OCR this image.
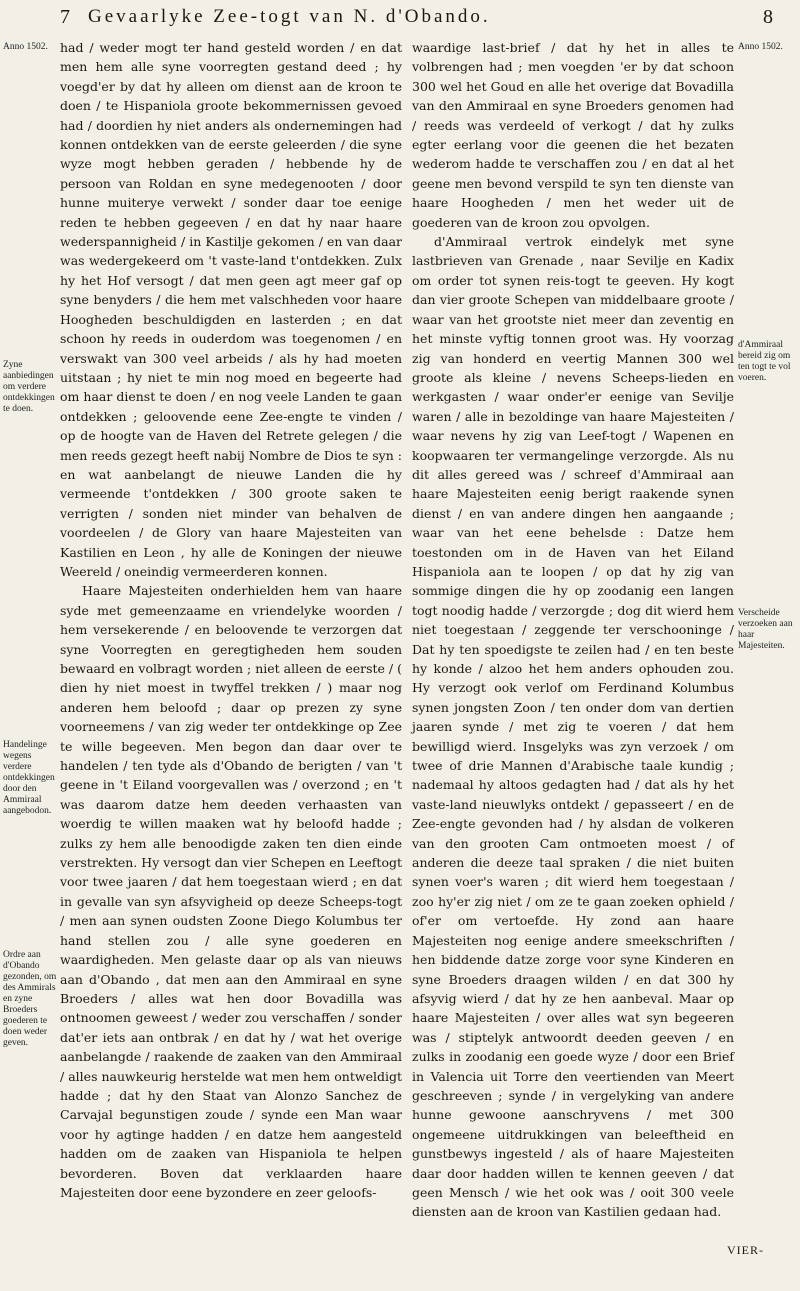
7 Gevaarlyke Zee-togt van N. d'Obando.	8

had / weder mogt ter hand gesteld worden / en dat men hem alle syne voorregten gestand deed ; hy voegd'er by dat hy alleen om dienst aan de kroon te doen / te Hispaniola groote bekommernissen gevoed had / doordien hy niet anders als ondernemingen had konnen ontdekken van de eerste geleerden / die syne wyze mogt hebben geraden / hebbende hy de persoon van Roldan en syne medegenooten / door hunne muiterye verwekt / sonder daar toe eenige reden te hebben gegeeven / en dat hy naar haare wederspannigheid / in Kastilje gekomen / en van daar was wedergekeerd om 't vaste-land t'ontdekken. Zulx hy het Hof versogt / dat men geen agt meer gaf op syne benyders / die hem met valschheden voor haare Hoogheden beschuldigden en lasterden ; en dat schoon hy reeds in ouderdom was toegenomen / en verswakt van 300 veel arbeids / als hy had moeten uitstaan ; hy niet te min nog moed en begeerte had om haar dienst te doen / en nog veele Landen te gaan ontdekken ; geloovende eene Zee-engte te vinden / op de hoogte van de Haven del Retrete gelegen / die men reeds gezegt heeft nabij Nombre de Dios te syn : en wat aanbelangt de nieuwe Landen die hy vermeende t'ontdekken / 300 groote saken te verrigten / sonden niet minder van behalven de voordeelen / de Glory van haare Majesteiten van Kastilien en Leon , hy alle de Koningen der nieuwe Weereld / oneindig vermeerderen konnen.

Haare Majesteiten onderhielden hem van haare syde met gemeenzaame en vriendelyke woorden / hem versekerende / en beloovende te verzorgen dat syne Voorregten en geregtigheden hem souden bewaard en volbragt worden ; niet alleen de eerste / ( dien hy niet moest in twyffel trekken / ) maar nog anderen hem beloofd ; daar op prezen zy syne voorneemens / van zig weder ter ontdekkinge op Zee te wille begeeven. Men begon dan daar over te handelen / ten tyde als d'Obando de berigten / van 't geene in 't Eiland voorgevallen was / overzond ; en 't was daarom datze hem deeden verhaasten van woerdig te willen maaken wat hy beloofd hadde ; zulks zy hem alle benoodigde zaken ten dien einde verstrekten. Hy versogt dan vier Schepen en Leeftogt voor twee jaaren / dat hem toegestaan wierd ; en dat in gevalle van syn afsyvigheid op deeze Scheeps-togt / men aan synen oudsten Zoone Diego Kolumbus ter hand stellen zou / alle syne goederen en waardigheden. Men gelaste daar op als van nieuws aan d'Obando , dat men aan den Ammiraal en syne Broeders / alles wat hen door Bovadilla was ontnoomen geweest / weder zou verschaffen / sonder dat'er iets aan ontbrak / en dat hy / wat het overige aanbelangde / raakende de zaaken van den Ammiraal / alles nauwkeurig herstelde wat men hem ontweldigt hadde ; dat hy den Staat van Alonzo Sanchez de Carvajal begunstigen zoude / synde een Man waar voor hy agtinge hadden / en datze hem aangesteld hadden om de zaaken van Hispaniola te helpen bevorderen. Boven dat verklaarden haare Majesteiten door eene byzondere en zeer geloofs-

waardige last-brief / dat hy het in alles te volbrengen had ; men voegden 'er by dat schoon 300 wel het Goud en alle het overige dat Bovadilla van den Ammiraal en syne Broeders genomen had / reeds was verdeeld of verkogt / dat hy zulks egter eerlang voor die geenen die het bezaten wederom hadde te verschaffen zou / en dat al het geene men bevond verspild te syn ten dienste van haare Hoogheden / men het weder uit de goederen van de kroon zou opvolgen.

d'Ammiraal vertrok eindelyk met syne lastbrieven van Grenade , naar Sevilje en Kadix om order tot synen reis-togt te geeven. Hy kogt dan vier groote Schepen van middelbaare groote / waar van het grootste niet meer dan zeventig en het minste vyftig tonnen groot was. Hy voorzag zig van honderd en veertig Mannen 300 wel groote als kleine / nevens Scheeps-lieden en werkgasten / waar onder'er eenige van Sevilje waren / alle in bezoldinge van haare Majesteiten / waar nevens hy zig van Leef-togt / Wapenen en koopwaaren ter vermangelinge verzorgde. Als nu dit alles gereed was / schreef d'Ammiraal aan haare Majesteiten eenig berigt raakende synen dienst / en van andere dingen hen aangaande ; waar van het eene behelsde : Datze hem toestonden om in de Haven van het Eiland Hispaniola aan te loopen / op dat hy zig van sommige dingen die hy op zoodanig een langen togt noodig hadde / verzorgde ; dog dit wierd hem niet toegestaan / zeggende ter verschooninge / Dat hy ten spoedigste te zeilen had / en ten beste hy konde / alzoo het hem anders ophouden zou. Hy verzogt ook verlof om Ferdinand Kolumbus synen jongsten Zoon / ten onder dom van dertien jaaren synde / met zig te voeren / dat hem bewilligd wierd. Insgelyks was zyn verzoek / om twee of drie Mannen d'Arabische taale kundig ; nademaal hy altoos gedagten had / dat als hy het vaste-land nieuwlyks ontdekt / gepasseert / en de Zee-engte gevonden had / hy alsdan de volkeren van den grooten Cam ontmoeten moest / of anderen die deeze taal spraken / die niet buiten synen voer's waren ; dit wierd hem toegestaan / zoo hy'er zig niet / om ze te gaan zoeken ophield / of'er om vertoefde. Hy zond aan haare Majesteiten nog eenige andere smeekschriften / hen biddende datze zorge voor syne Kinderen en syne Broeders draagen wilden / en dat 300 hy afsyvig wierd / dat hy ze hen aanbeval. Maar op haare Majesteiten / over alles wat syn begeeren was / stiptelyk antwoordt deeden geeven / en zulks in zoodanig een goede wyze / door een Brief in Valencia uit Torre den veertienden van Meert geschreeven ; synde / in vergelyking van andere hunne gewoone aanschryvens / met 300 ongemeene uitdrukkingen van beleeftheid en gunstbewys ingesteld / als of haare Majesteiten daar door hadden willen te kennen geeven / dat geen Mensch / wie het ook was / ooit 300 veele diensten aan de kroon van Kastilien gedaan had.

Anno 1502.
Zyne aanbiedingen om verdere ontdekkingen te doen.
Handelinge wegens verdere ontdekkingen door den Ammiraal aangebodon.
Ordre aan d'Obando gezonden, om des Ammirals en zyne Broeders goederen te doen weder geven.
Anno 1502.
d'Ammiraal bereid zig om ten togt te vol voeren.
Verscheide verzoeken aan haar Majesteiten.
VIER-
